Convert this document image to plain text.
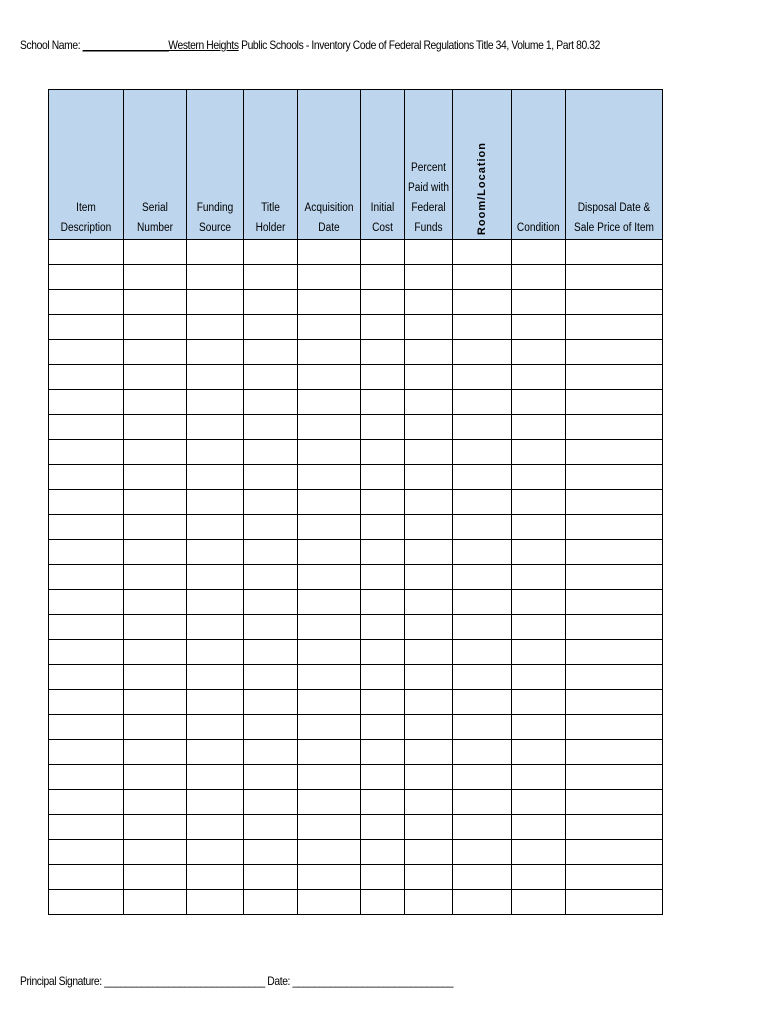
School Name: ________________Western Heights Public Schools - Inventory Code of Federal Regulations Title 34, Volume 1, Part 80.32
Item Description	Serial Number	Funding Source	Title Holder	Acquisition Date	Initial Cost	Percent Paid with Federal Funds	Room/Location	Condition	Disposal Date & Sale Price of Item

Principal Signature: ______________________________ Date: ______________________________
